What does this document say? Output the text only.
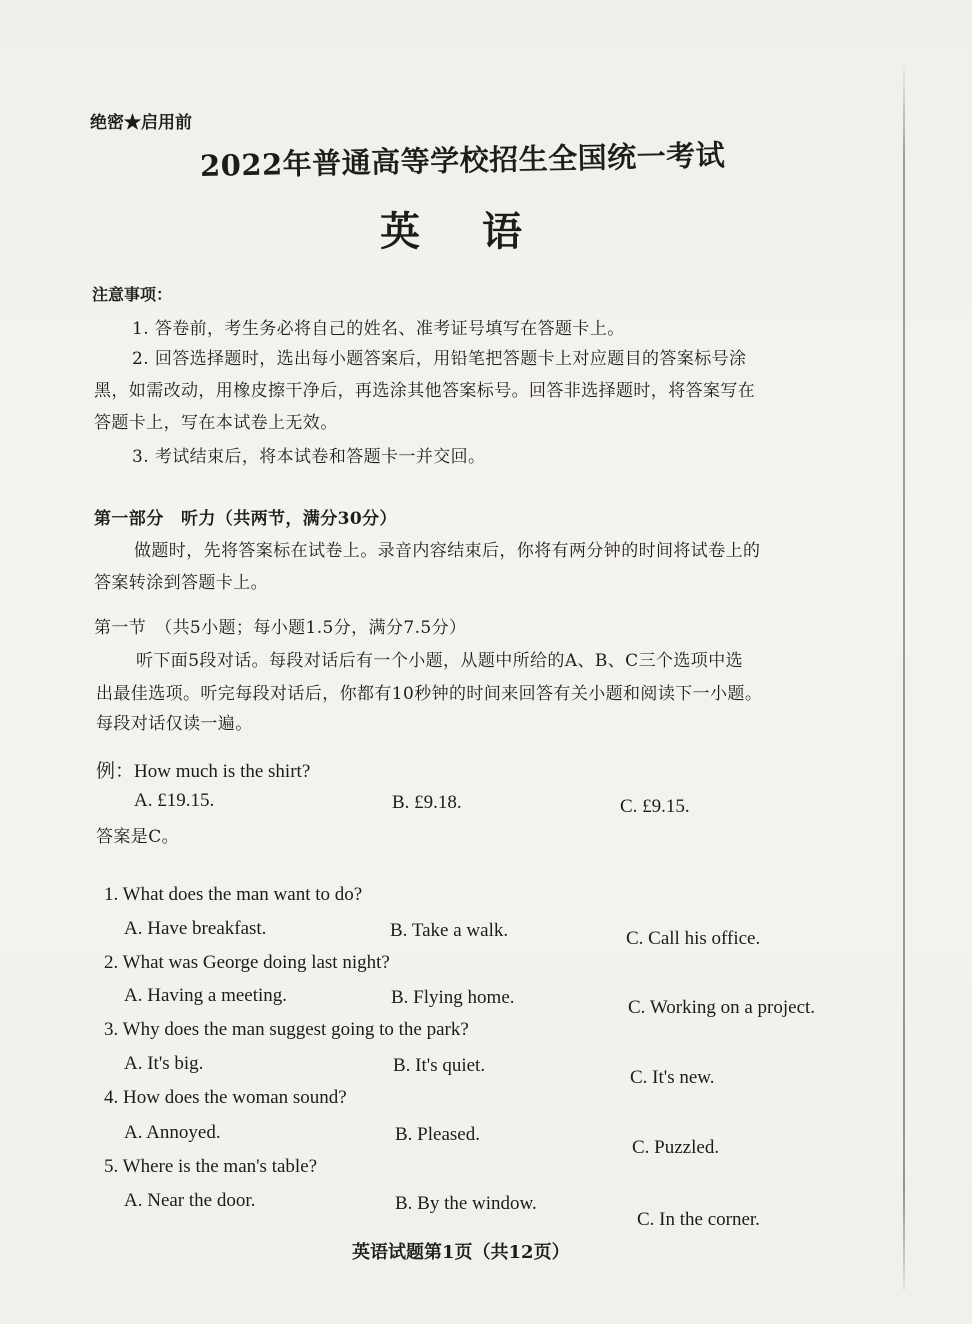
绝密★启用前
2022年普通高等学校招生全国统一考试
英语
注意事项：
1. 答卷前，考生务必将自己的姓名、准考证号填写在答题卡上。
2. 回答选择题时，选出每小题答案后，用铅笔把答题卡上对应题目的答案标号涂
黑，如需改动，用橡皮擦干净后，再选涂其他答案标号。回答非选择题时，将答案写在
答题卡上，写在本试卷上无效。
3. 考试结束后，将本试卷和答题卡一并交回。
第一部分　听力（共两节，满分30分）
做题时，先将答案标在试卷上。录音内容结束后，你将有两分钟的时间将试卷上的
答案转涂到答题卡上。
第一节　（共5小题；每小题1.5分，满分7.5分）
听下面5段对话。每段对话后有一个小题，从题中所给的A、B、C三个选项中选
出最佳选项。听完每段对话后，你都有10秒钟的时间来回答有关小题和阅读下一小题。
每段对话仅读一遍。
例：How much is the shirt?
A. £19.15.	B. £9.18.	C. £9.15.
答案是C。
1. What does the man want to do?
A. Have breakfast.	B. Take a walk.	C. Call his office.
2. What was George doing last night?
A. Having a meeting.	B. Flying home.	C. Working on a project.
3. Why does the man suggest going to the park?
A. It's big.	B. It's quiet.
C. It's new.
4. How does the woman sound?
A. Annoyed.	B. Pleased.
C. Puzzled.
5. Where is the man's table?
A. Near the door.	B. By the window.
C. In the corner.
英语试题第1页（共12页）
